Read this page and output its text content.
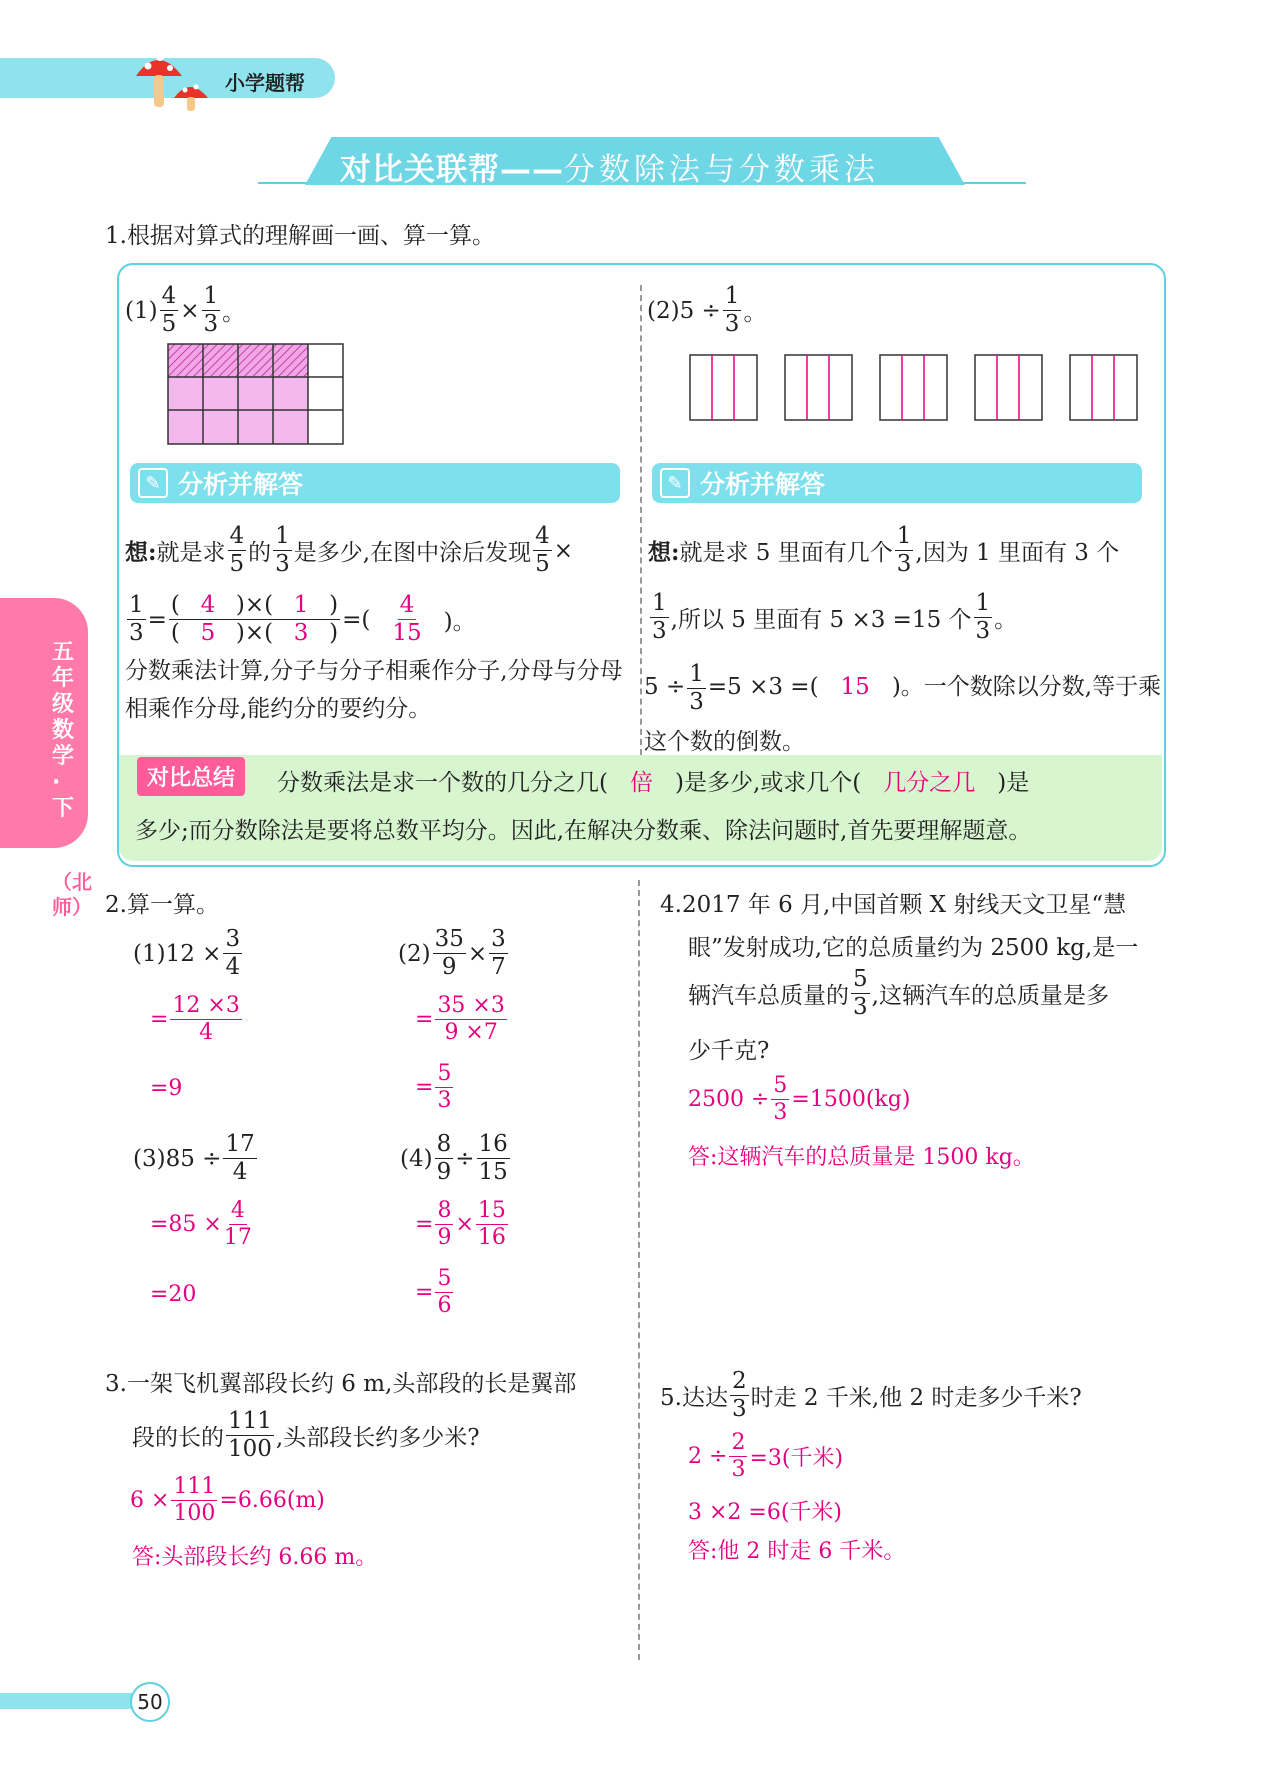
小学题帮
对比关联帮——分数除法与分数乘法
五年级数学·下
（北师）
1.根据对算式的理解画一画、算一算。
$(1) \frac{4}{5} \times \frac{1}{3}$ 。	$(2)5 \div \frac{1}{3}$ 。
✎ 分析并解答	✎ 分析并解答
想: 就是求 $\frac{4}{5}$ 的 $\frac{1}{3}$ 是多少,在图中涂后发现 $\frac{4}{5}$ ×
$\frac{1}{3} = \frac{( 4 )\times( 1 )}{( 5 )\times( 3 )}$ =( $\frac{4}{15}$ )。
分数乘法计算,分子与分子相乘作分子,分母与分母相乘作分母,能约分的要约分。
想: 就是求 5 里面有几个 $\frac{1}{3}$ ,因为 1 里面有 3 个
$\frac{1}{3}$ ,所以 5 里面有 5 ×3 =15 个 $\frac{1}{3}$ 。
$5 \div \frac{1}{3} =5 \times 3$ =( 15 )。一个数除以分数,等于乘这个数的倒数。
对比总结	分数乘法是求一个数的几分之几( 倍 )是多少,或求几个( 几分之几 )是
多少;而分数除法是要将总数平均分。因此,在解决分数乘、除法问题时,首先要理解题意。
2.算一算。
$(1)12 \times \frac{3}{4}$
= $\frac{12 \times 3}{4}$
=9
$(2) \frac{35}{9} \times \frac{3}{7}$
= $\frac{35 \times 3}{9 \times 7}$
= $\frac{5}{3}$
$(3)85 \div \frac{17}{4}$
$=85 \times \frac{4}{17}$
=20
$(4) \frac{8}{9} \div \frac{16}{15}$
= $\frac{8}{9} \times \frac{15}{16}$
= $\frac{5}{6}$
3.一架飞机翼部段长约 6 m,头部段的长是翼部
段的长的 $\frac{111}{100}$ ,头部段长约多少米?
$6 \times \frac{111}{100} =6.66(m)$
答:头部段长约 6.66 m。
4.2017 年 6 月,中国首颗 X 射线天文卫星“慧
眼”发射成功,它的总质量约为 2500 kg,是一
辆汽车总质量的 $\frac{5}{3}$ ,这辆汽车的总质量是多
少千克?
$2500 \div \frac{5}{3} =1500(kg)$
答:这辆汽车的总质量是 1500 kg。
5.达达 $\frac{2}{3}$ 时走 2 千米,他 2 时走多少千米?
$2 \div \frac{2}{3} =3$(千米)
3 ×2 =6(千米)
答:他 2 时走 6 千米。
50
